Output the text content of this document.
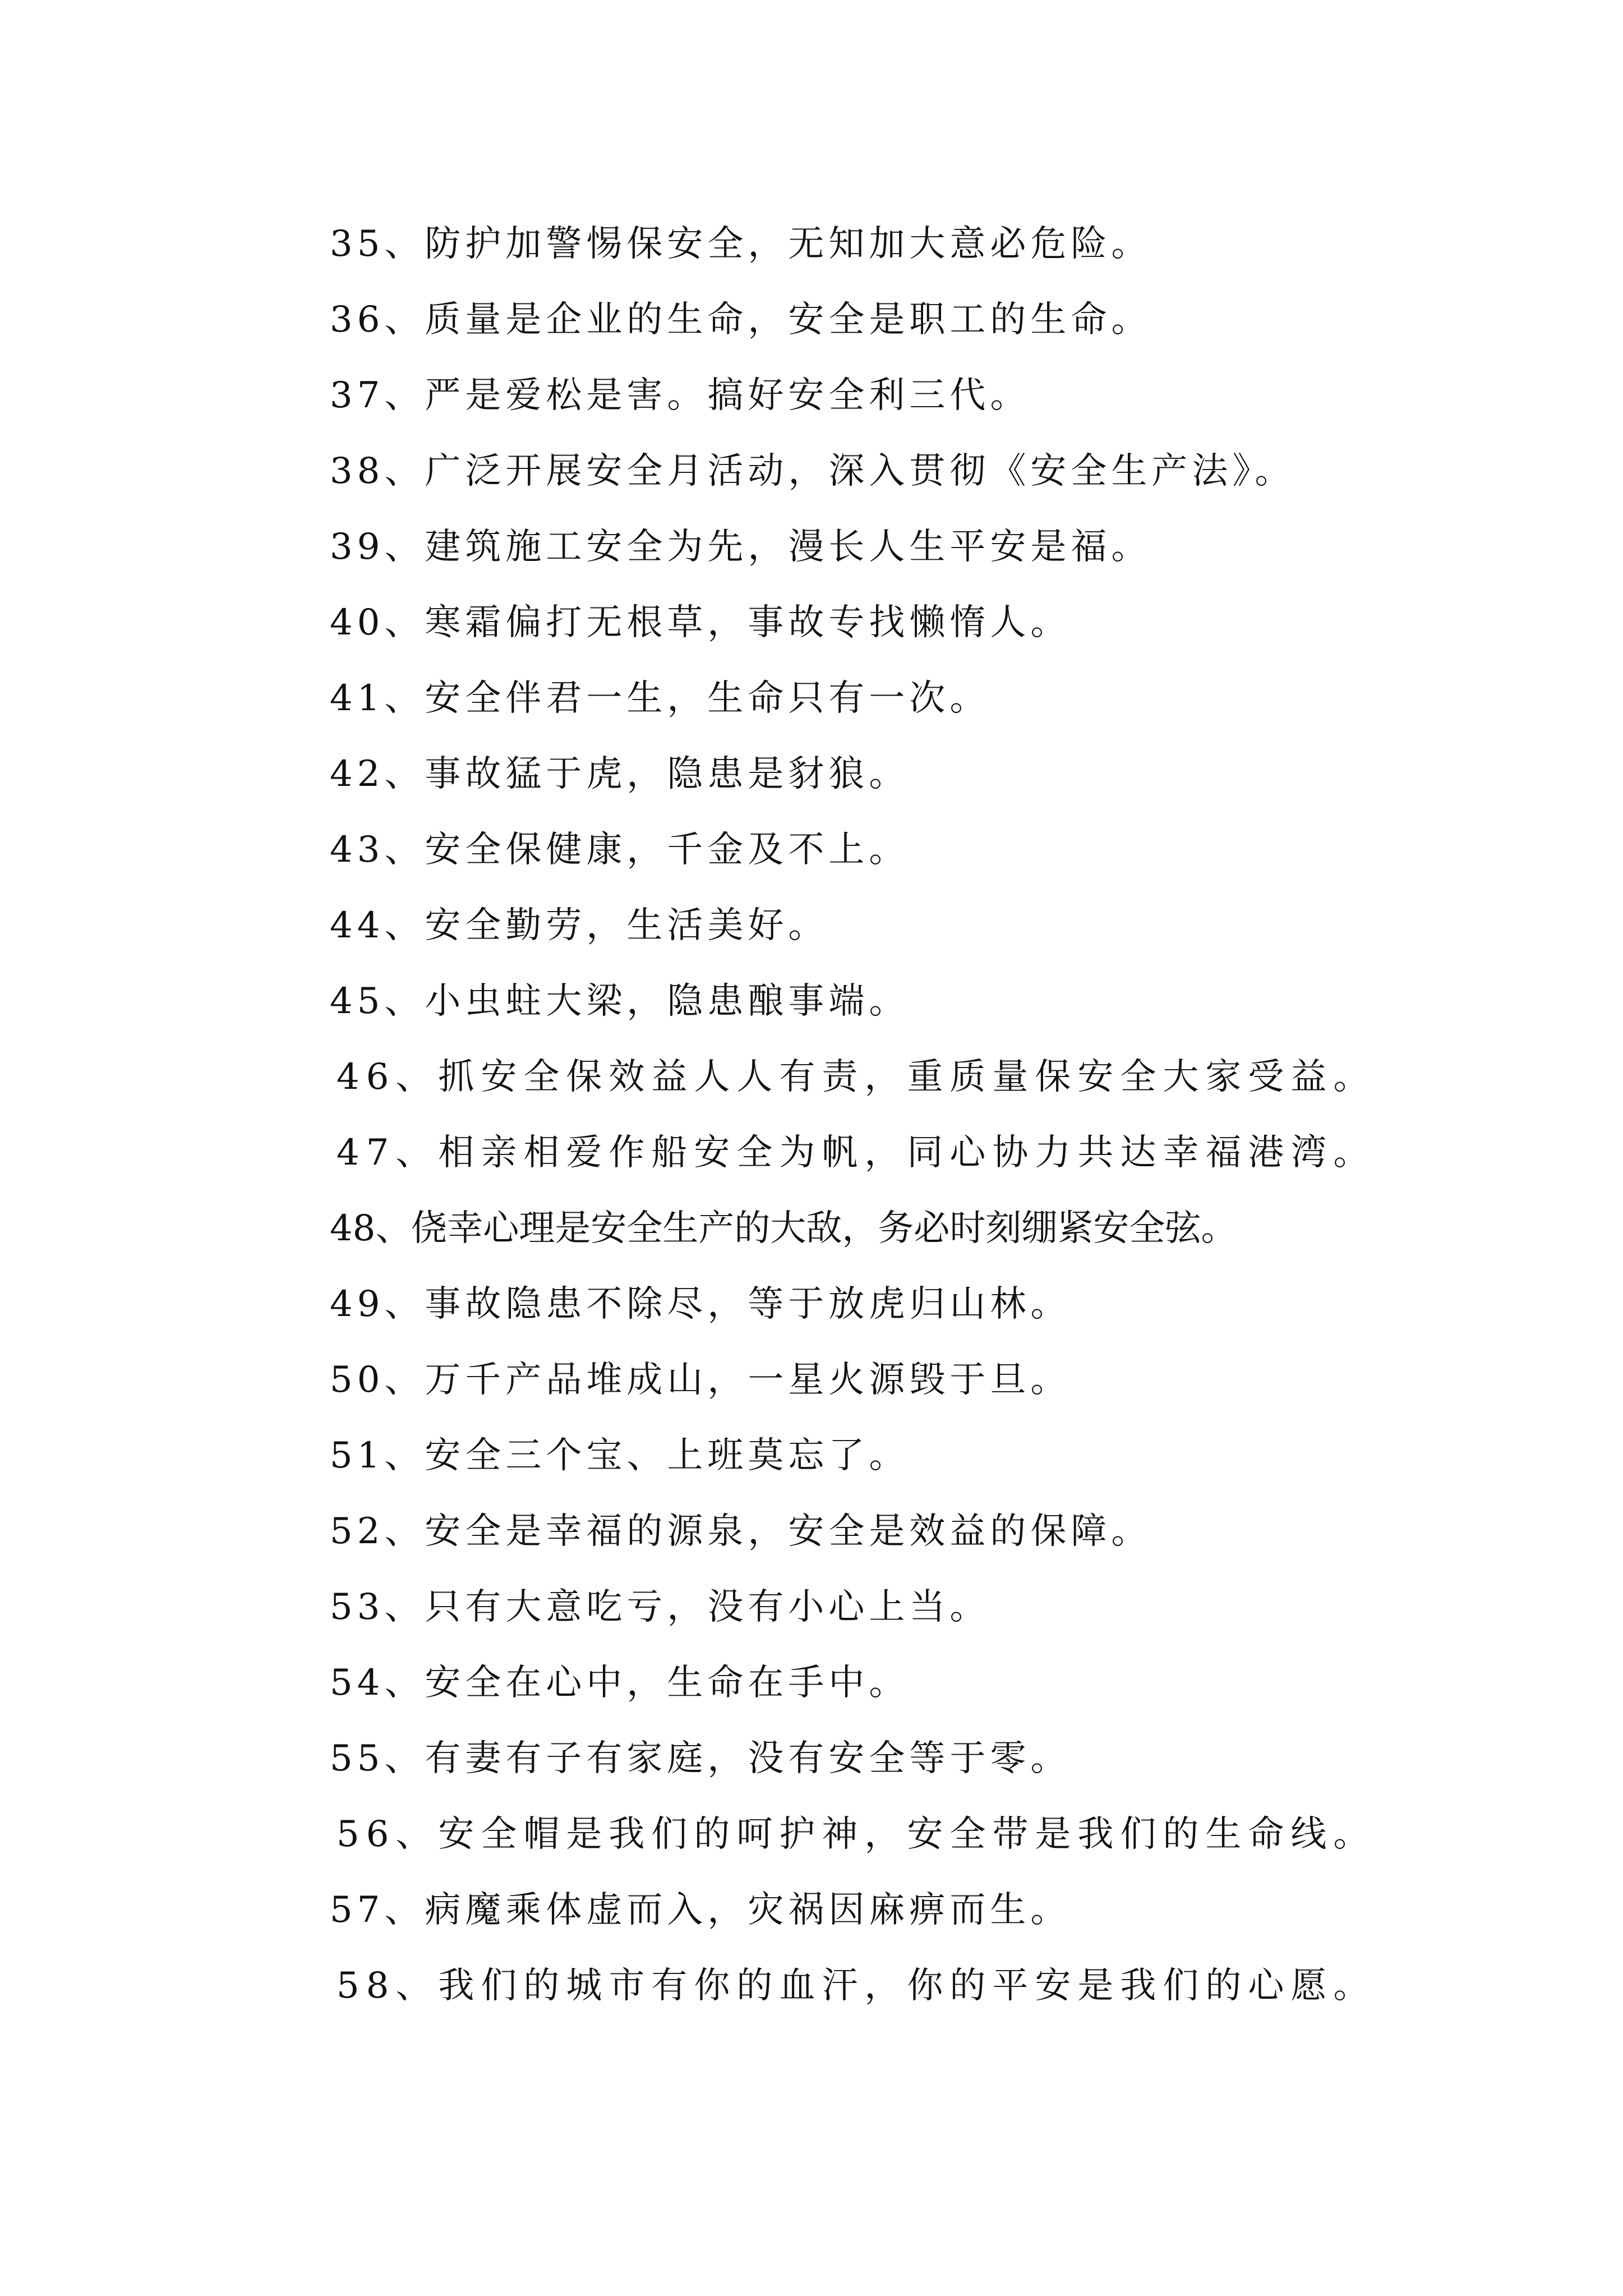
35、防护加警惕保安全，无知加大意必危险。
36、质量是企业的生命，安全是职工的生命。
37、严是爱松是害。搞好安全利三代。
38、广泛开展安全月活动，深入贯彻《安全生产法》。
39、建筑施工安全为先，漫长人生平安是福。
40、寒霜偏打无根草，事故专找懒惰人。
41、安全伴君一生，生命只有一次。
42、事故猛于虎，隐患是豺狼。
43、安全保健康，千金及不上。
44、安全勤劳，生活美好。
45、小虫蛀大梁，隐患酿事端。
46、抓安全保效益人人有责，重质量保安全大家受益。
47、相亲相爱作船安全为帆，同心协力共达幸福港湾。
48、侥幸心理是安全生产的大敌，务必时刻绷紧安全弦。
49、事故隐患不除尽，等于放虎归山林。
50、万千产品堆成山，一星火源毁于旦。
51、安全三个宝、上班莫忘了。
52、安全是幸福的源泉，安全是效益的保障。
53、只有大意吃亏，没有小心上当。
54、安全在心中，生命在手中。
55、有妻有子有家庭，没有安全等于零。
56、安全帽是我们的呵护神，安全带是我们的生命线。
57、病魔乘体虚而入，灾祸因麻痹而生。
58、我们的城市有你的血汗，你的平安是我们的心愿。
